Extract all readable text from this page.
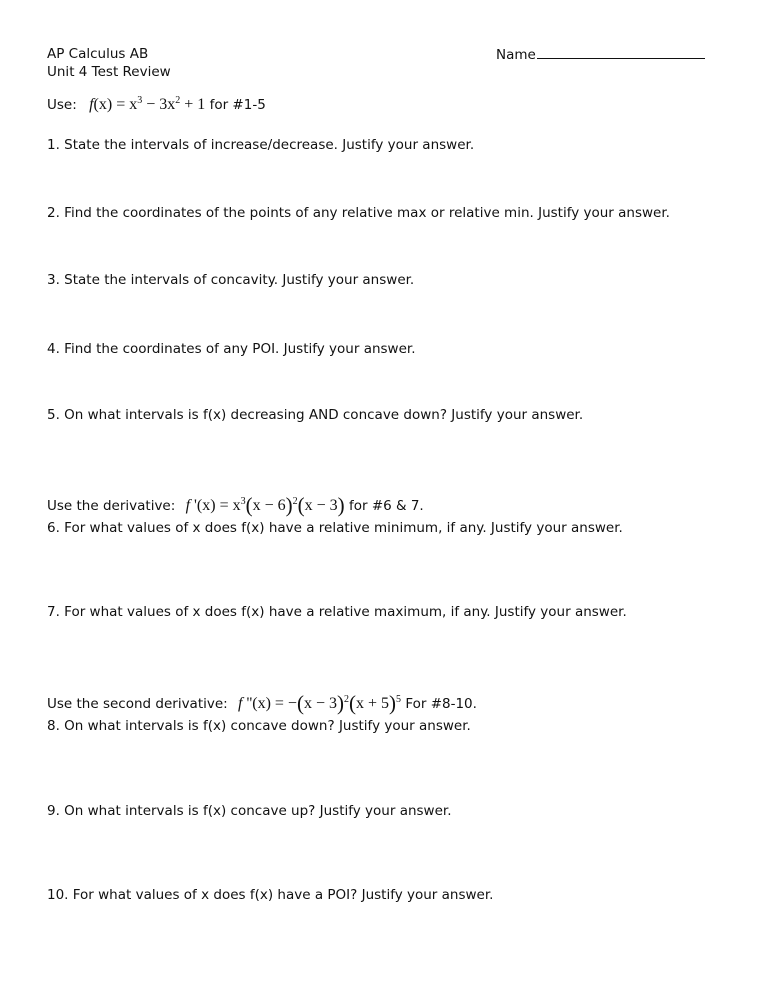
AP Calculus AB
Unit 4 Test Review
Name
Use: $f(x) = x^3 - 3x^2 + 1$ for #1-5
1. State the intervals of increase/decrease. Justify your answer.
2. Find the coordinates of the points of any relative max or relative min. Justify your answer.
3. State the intervals of concavity. Justify your answer.
4. Find the coordinates of any POI. Justify your answer.
5. On what intervals is f(x) decreasing AND concave down? Justify your answer.
Use the derivative: f '$(x) = x^3(x - 6)^2(x - 3)$ for #6 & 7.
6. For what values of x does f(x) have a relative minimum, if any. Justify your answer.
7. For what values of x does f(x) have a relative maximum, if any. Justify your answer.
Use the second derivative: f ''$(x) = -(x - 3)^2(x + 5)^5$ For #8-10.
8. On what intervals is f(x) concave down? Justify your answer.
9. On what intervals is f(x) concave up? Justify your answer.
10. For what values of x does f(x) have a POI? Justify your answer.
